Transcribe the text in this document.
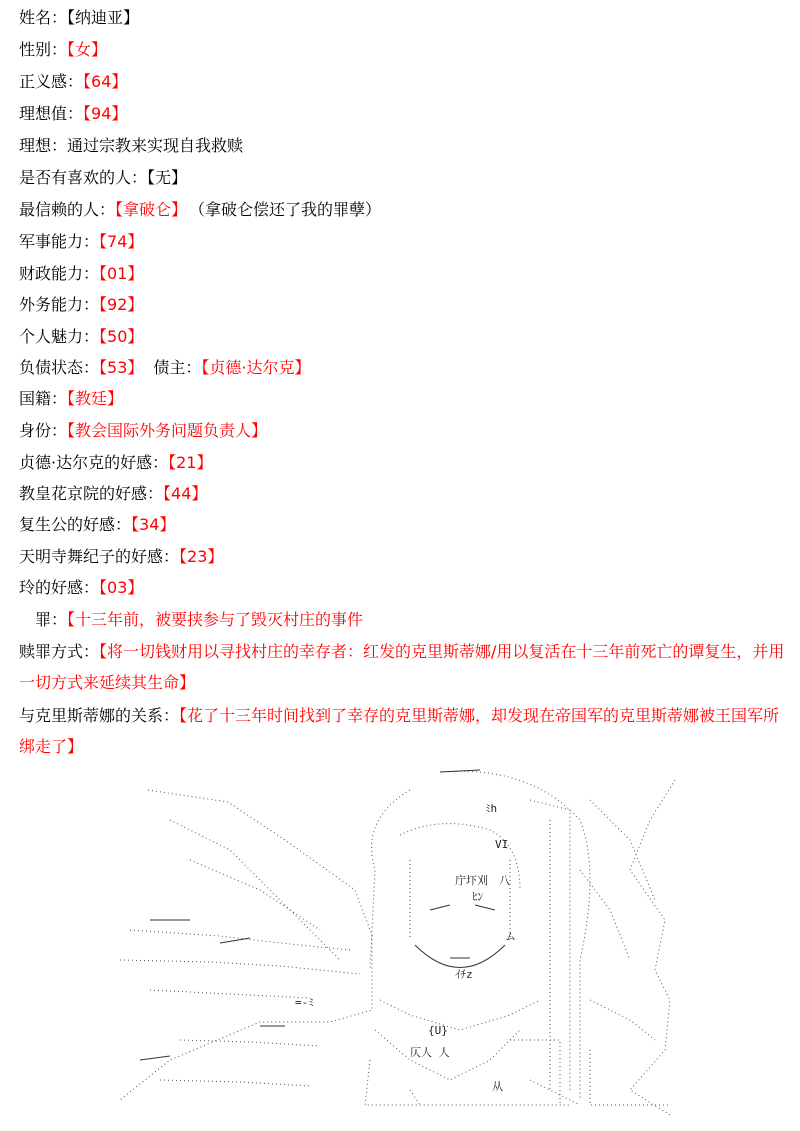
姓名：【纳迪亚】
性别：【女】
正义感：【64】
理想值：【94】
理想：通过宗教来实现自我救赎
是否有喜欢的人：【无】
最信赖的人：【拿破仑】 （拿破仑偿还了我的罪孽）
军事能力：【74】
财政能力：【01】
外务能力：【92】
个人魅力：【50】
负债状态：【53】 债主：【贞德·达尔克】
国籍：【教廷】
身份：【教会国际外务问题负责人】
贞德·达尔克的好感：【21】
教皇花京院的好感：【44】
复生公的好感：【34】
天明寺舞纪子的好感：【23】
玲的好感：【03】
　罪：【十三年前，被要挟参与了毁灭村庄的事件
赎罪方式：【将一切钱财用以寻找村庄的幸存者：红发的克里斯蒂娜/用以复活在十三年前死亡的谭复生，并用一切方式来延续其生命】
与克里斯蒂娜的关系：【花了十三年时间找到了幸存的克里斯蒂娜，却发现在帝国军的克里斯蒂娜被王国军所绑走了】
ﾐh
VI
庁圷刈　八
ﾋﾝ
ム
ｲﾁz
=-ﾐ
{U}
仄人 人
从
